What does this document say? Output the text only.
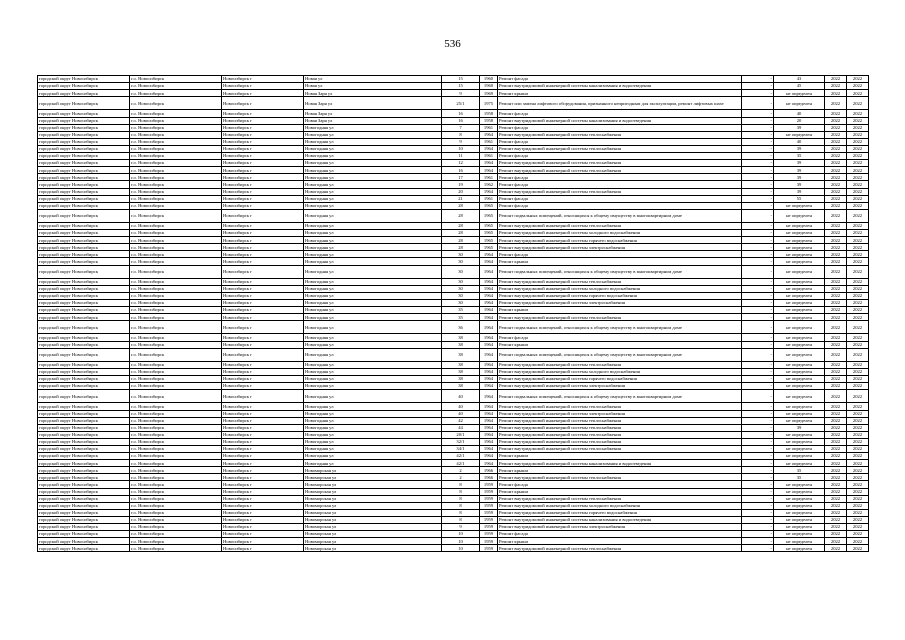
536
городской округ Новосибирск	г.о. Новосибирск	Новосибирск г	Новая ул	15	1960	Ремонт фасада	-	43	2022	2022
городской округ Новосибирск	г.о. Новосибирск	Новосибирск г	Новая ул	15	1960	Ремонт внутридомовой инженерной системы канализования и водоотведения	-	45	2022	2022
городской округ Новосибирск	г.о. Новосибирск	Новосибирск г	Новая Заря ул	9	1969	Ремонт крыши	-	не определен	2022	2022
городской округ Новосибирск	г.о. Новосибирск	Новосибирск г	Новая Заря ул	25/1	1975	Ремонт или замена лифтового оборудования, признанного непригодным для эксплуатации, ремонт лифтовых шахт	-	не определен	2022	2022
городской округ Новосибирск	г.о. Новосибирск	Новосибирск г	Новая Заря ул	16	1958	Ремонт фасада	-	40	2022	2022
городской округ Новосибирск	г.о. Новосибирск	Новосибирск г	Новая Заря ул	16	1958	Ремонт внутридомовой инженерной системы канализования и водоотведения	-	20	2022	2022
городской округ Новосибирск	г.о. Новосибирск	Новосибирск г	Новогодняя ул	7	1961	Ремонт фасада	-	39	2022	2022
городской округ Новосибирск	г.о. Новосибирск	Новосибирск г	Новогодняя ул	8	1964	Ремонт внутридомовой инженерной системы теплоснабжения	-	не определен	2022	2022
городской округ Новосибирск	г.о. Новосибирск	Новосибирск г	Новогодняя ул	9	1961	Ремонт фасада	-	40	2022	2022
городской округ Новосибирск	г.о. Новосибирск	Новосибирск г	Новогодняя ул	10	1964	Ремонт внутридомовой инженерной системы теплоснабжения	-	39	2022	2022
городской округ Новосибирск	г.о. Новосибирск	Новосибирск г	Новогодняя ул	11	1961	Ремонт фасада	-	35	2022	2022
городской округ Новосибирск	г.о. Новосибирск	Новосибирск г	Новогодняя ул	12	1964	Ремонт внутридомовой инженерной системы теплоснабжения	-	39	2022	2022
городской округ Новосибирск	г.о. Новосибирск	Новосибирск г	Новогодняя ул	16	1964	Ремонт внутридомовой инженерной системы теплоснабжения	-	39	2022	2022
городской округ Новосибирск	г.о. Новосибирск	Новосибирск г	Новогодняя ул	17	1961	Ремонт фасада	-	39	2022	2022
городской округ Новосибирск	г.о. Новосибирск	Новосибирск г	Новогодняя ул	19	1962	Ремонт фасада	-	39	2022	2022
городской округ Новосибирск	г.о. Новосибирск	Новосибирск г	Новогодняя ул	20	1964	Ремонт внутридомовой инженерной системы теплоснабжения	-	39	2022	2022
городской округ Новосибирск	г.о. Новосибирск	Новосибирск г	Новогодняя ул	21	1961	Ремонт фасада	-	55	2022	2022
городской округ Новосибирск	г.о. Новосибирск	Новосибирск г	Новогодняя ул	28	1965	Ремонт фасада	-	не определен	2022	2022
городской округ Новосибирск	г.о. Новосибирск	Новосибирск г	Новогодняя ул	28	1965	Ремонт подвальных помещений, относящихся к общему имуществу в многоквартирном доме	-	не определен	2022	2022
городской округ Новосибирск	г.о. Новосибирск	Новосибирск г	Новогодняя ул	28	1965	Ремонт внутридомовой инженерной системы теплоснабжения	-	не определен	2022	2022
городской округ Новосибирск	г.о. Новосибирск	Новосибирск г	Новогодняя ул	28	1965	Ремонт внутридомовой инженерной системы холодного водоснабжения	-	не определен	2022	2022
городской округ Новосибирск	г.о. Новосибирск	Новосибирск г	Новогодняя ул	28	1965	Ремонт внутридомовой инженерной системы горячего водоснабжения	-	не определен	2022	2022
городской округ Новосибирск	г.о. Новосибирск	Новосибирск г	Новогодняя ул	28	1965	Ремонт внутридомовой инженерной системы электроснабжения	-	не определен	2022	2022
городской округ Новосибирск	г.о. Новосибирск	Новосибирск г	Новогодняя ул	30	1964	Ремонт фасада	-	не определен	2022	2022
городской округ Новосибирск	г.о. Новосибирск	Новосибирск г	Новогодняя ул	30	1964	Ремонт крыши	-	не определен	2022	2022
городской округ Новосибирск	г.о. Новосибирск	Новосибирск г	Новогодняя ул	30	1964	Ремонт подвальных помещений, относящихся к общему имуществу в многоквартирном доме	-	не определен	2022	2022
городской округ Новосибирск	г.о. Новосибирск	Новосибирск г	Новогодняя ул	30	1964	Ремонт внутридомовой инженерной системы теплоснабжения	-	не определен	2022	2022
городской округ Новосибирск	г.о. Новосибирск	Новосибирск г	Новогодняя ул	30	1964	Ремонт внутридомовой инженерной системы холодного водоснабжения	-	не определен	2022	2022
городской округ Новосибирск	г.о. Новосибирск	Новосибирск г	Новогодняя ул	30	1964	Ремонт внутридомовой инженерной системы горячего водоснабжения	-	не определен	2022	2022
городской округ Новосибирск	г.о. Новосибирск	Новосибирск г	Новогодняя ул	30	1964	Ремонт внутридомовой инженерной системы электроснабжения	-	не определен	2022	2022
городской округ Новосибирск	г.о. Новосибирск	Новосибирск г	Новогодняя ул	35	1964	Ремонт крыши	-	не определен	2022	2022
городской округ Новосибирск	г.о. Новосибирск	Новосибирск г	Новогодняя ул	35	1964	Ремонт внутридомовой инженерной системы теплоснабжения	-	не определен	2022	2022
городской округ Новосибирск	г.о. Новосибирск	Новосибирск г	Новогодняя ул	36	1964	Ремонт подвальных помещений, относящихся к общему имуществу в многоквартирном доме	-	не определен	2022	2022
городской округ Новосибирск	г.о. Новосибирск	Новосибирск г	Новогодняя ул	38	1964	Ремонт фасада	-	не определен	2022	2022
городской округ Новосибирск	г.о. Новосибирск	Новосибирск г	Новогодняя ул	38	1964	Ремонт крыши	-	не определен	2022	2022
городской округ Новосибирск	г.о. Новосибирск	Новосибирск г	Новогодняя ул	38	1964	Ремонт подвальных помещений, относящихся к общему имуществу в многоквартирном доме	-	не определен	2022	2022
городской округ Новосибирск	г.о. Новосибирск	Новосибирск г	Новогодняя ул	38	1964	Ремонт внутридомовой инженерной системы теплоснабжения	-	не определен	2022	2022
городской округ Новосибирск	г.о. Новосибирск	Новосибирск г	Новогодняя ул	38	1964	Ремонт внутридомовой инженерной системы холодного водоснабжения	-	не определен	2022	2022
городской округ Новосибирск	г.о. Новосибирск	Новосибирск г	Новогодняя ул	38	1964	Ремонт внутридомовой инженерной системы горячего водоснабжения	-	не определен	2022	2022
городской округ Новосибирск	г.о. Новосибирск	Новосибирск г	Новогодняя ул	38	1964	Ремонт внутридомовой инженерной системы электроснабжения	-	не определен	2022	2022
городской округ Новосибирск	г.о. Новосибирск	Новосибирск г	Новогодняя ул	40	1964	Ремонт подвальных помещений, относящихся к общему имуществу в многоквартирном доме	-	не определен	2022	2022
городской округ Новосибирск	г.о. Новосибирск	Новосибирск г	Новогодняя ул	40	1964	Ремонт внутридомовой инженерной системы теплоснабжения	-	не определен	2022	2022
городской округ Новосибирск	г.о. Новосибирск	Новосибирск г	Новогодняя ул	40	1964	Ремонт внутридомовой инженерной системы электроснабжения	-	не определен	2022	2022
городской округ Новосибирск	г.о. Новосибирск	Новосибирск г	Новогодняя ул	42	1964	Ремонт внутридомовой инженерной системы теплоснабжения	-	не определен	2022	2022
городской округ Новосибирск	г.о. Новосибирск	Новосибирск г	Новогодняя ул	44	1964	Ремонт внутридомовой инженерной системы теплоснабжения	-	39	2022	2022
городской округ Новосибирск	г.о. Новосибирск	Новосибирск г	Новогодняя ул	20/1	1964	Ремонт внутридомовой инженерной системы теплоснабжения	-	не определен	2022	2022
городской округ Новосибирск	г.о. Новосибирск	Новосибирск г	Новогодняя ул	32/1	1964	Ремонт внутридомовой инженерной системы теплоснабжения	-	не определен	2022	2022
городской округ Новосибирск	г.о. Новосибирск	Новосибирск г	Новогодняя ул	34/1	1964	Ремонт внутридомовой инженерной системы теплоснабжения	-	не определен	2022	2022
городской округ Новосибирск	г.о. Новосибирск	Новосибирск г	Новогодняя ул	42/1	1964	Ремонт крыши	-	не определен	2022	2022
городской округ Новосибирск	г.о. Новосибирск	Новосибирск г	Новогодняя ул	42/1	1964	Ремонт внутридомовой инженерной системы канализования и водоотведения	-	не определен	2022	2022
городской округ Новосибирск	г.о. Новосибирск	Новосибирск г	Новоморская ул	2	1966	Ремонт крыши	-	35	2022	2022
городской округ Новосибирск	г.о. Новосибирск	Новосибирск г	Новоморская ул	2	1966	Ремонт внутридомовой инженерной системы теплоснабжения	-	35	2022	2022
городской округ Новосибирск	г.о. Новосибирск	Новосибирск г	Новоморская ул	8	1959	Ремонт фасада	-	не определен	2022	2022
городской округ Новосибирск	г.о. Новосибирск	Новосибирск г	Новоморская ул	8	1959	Ремонт крыши	-	не определен	2022	2022
городской округ Новосибирск	г.о. Новосибирск	Новосибирск г	Новоморская ул	8	1959	Ремонт внутридомовой инженерной системы теплоснабжения	-	не определен	2022	2022
городской округ Новосибирск	г.о. Новосибирск	Новосибирск г	Новоморская ул	8	1959	Ремонт внутридомовой инженерной системы холодного водоснабжения	-	не определен	2022	2022
городской округ Новосибирск	г.о. Новосибирск	Новосибирск г	Новоморская ул	8	1959	Ремонт внутридомовой инженерной системы горячего водоснабжения	-	не определен	2022	2022
городской округ Новосибирск	г.о. Новосибирск	Новосибирск г	Новоморская ул	8	1959	Ремонт внутридомовой инженерной системы канализования и водоотведения	-	не определен	2022	2022
городской округ Новосибирск	г.о. Новосибирск	Новосибирск г	Новоморская ул	9	1959	Ремонт внутридомовой инженерной системы электроснабжения	-	не определен	2022	2022
городской округ Новосибирск	г.о. Новосибирск	Новосибирск г	Новоморская ул	10	1959	Ремонт фасада	-	не определен	2022	2022
городской округ Новосибирск	г.о. Новосибирск	Новосибирск г	Новоморская ул	10	1959	Ремонт крыши	-	не определен	2022	2022
городской округ Новосибирск	г.о. Новосибирск	Новосибирск г	Новоморская ул	10	1959	Ремонт внутридомовой инженерной системы теплоснабжения	-	не определен	2022	2022
